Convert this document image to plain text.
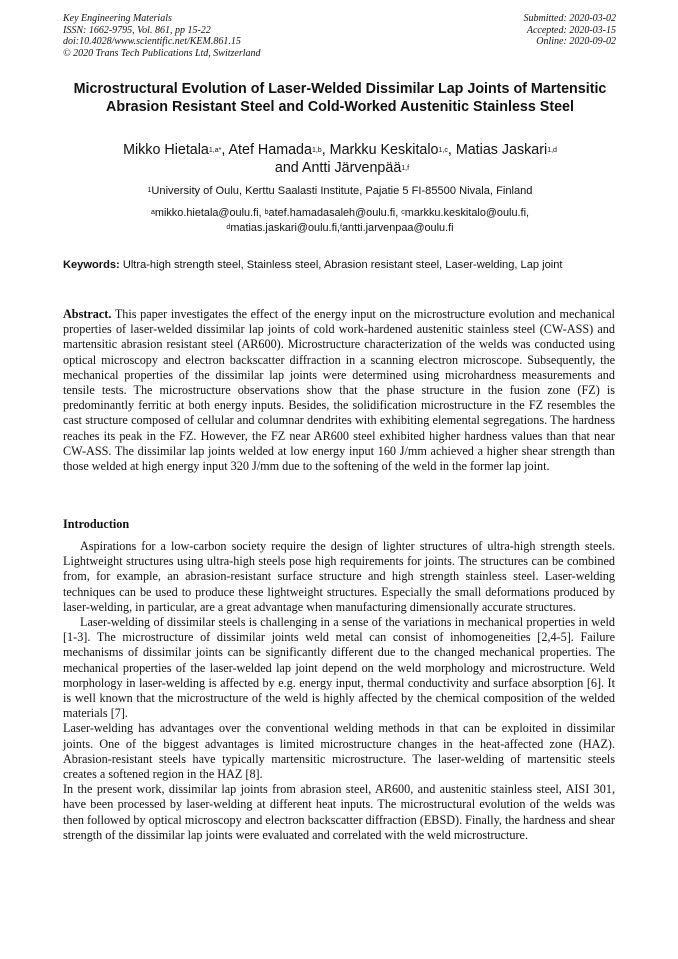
Key Engineering Materials
ISSN: 1662-9795, Vol. 861, pp 15-22
doi:10.4028/www.scientific.net/KEM.861.15
© 2020 Trans Tech Publications Ltd, Switzerland
Submitted: 2020-03-02
Accepted: 2020-03-15
Online: 2020-09-02
Microstructural Evolution of Laser-Welded Dissimilar Lap Joints of Martensitic Abrasion Resistant Steel and Cold-Worked Austenitic Stainless Steel
Mikko Hietala$^{1,a*}$, Atef Hamada$^{1,b}$, Markku Keskitalo$^{1,c}$, Matias Jaskari$^{1,d}$
and Antti Järvenpää$^{1,f}$
$^1$University of Oulu, Kerttu Saalasti Institute, Pajatie 5 FI-85500 Nivala, Finland
$^a$mikko.hietala@oulu.fi, $^b$atef.hamadasaleh@oulu.fi, $^c$markku.keskitalo@oulu.fi,
$^d$matias.jaskari@oulu.fi,$^f$antti.jarvenpaa@oulu.fi
Keywords: Ultra-high strength steel, Stainless steel, Abrasion resistant steel, Laser-welding, Lap joint
Abstract. This paper investigates the effect of the energy input on the microstructure evolution and mechanical properties of laser-welded dissimilar lap joints of cold work-hardened austenitic stainless steel (CW-ASS) and martensitic abrasion resistant steel (AR600). Microstructure characterization of the welds was conducted using optical microscopy and electron backscatter diffraction in a scanning electron microscope. Subsequently, the mechanical properties of the dissimilar lap joints were determined using microhardness measurements and tensile tests. The microstructure observations show that the phase structure in the fusion zone (FZ) is predominantly ferritic at both energy inputs. Besides, the solidification microstructure in the FZ resembles the cast structure composed of cellular and columnar dendrites with exhibiting elemental segregations. The hardness reaches its peak in the FZ. However, the FZ near AR600 steel exhibited higher hardness values than that near CW-ASS. The dissimilar lap joints welded at low energy input 160 J/mm achieved a higher shear strength than those welded at high energy input 320 J/mm due to the softening of the weld in the former lap joint.
Introduction

Aspirations for a low-carbon society require the design of lighter structures of ultra-high strength steels. Lightweight structures using ultra-high steels pose high requirements for joints. The structures can be combined from, for example, an abrasion-resistant surface structure and high strength stainless steel. Laser-welding techniques can be used to produce these lightweight structures. Especially the small deformations produced by laser-welding, in particular, are a great advantage when manufacturing dimensionally accurate structures.

Laser-welding of dissimilar steels is challenging in a sense of the variations in mechanical properties in weld [1-3]. The microstructure of dissimilar joints weld metal can consist of inhomogeneities [2,4-5]. Failure mechanisms of dissimilar joints can be significantly different due to the changed mechanical properties. The mechanical properties of the laser-welded lap joint depend on the weld morphology and microstructure. Weld morphology in laser-welding is affected by e.g. energy input, thermal conductivity and surface absorption [6]. It is well known that the microstructure of the weld is highly affected by the chemical composition of the welded materials [7].

Laser-welding has advantages over the conventional welding methods in that can be exploited in dissimilar joints. One of the biggest advantages is limited microstructure changes in the heat-affected zone (HAZ). Abrasion-resistant steels have typically martensitic microstructure. The laser-welding of martensitic steels creates a softened region in the HAZ [8].

In the present work, dissimilar lap joints from abrasion steel, AR600, and austenitic stainless steel, AISI 301, have been processed by laser-welding at different heat inputs. The microstructural evolution of the welds was then followed by optical microscopy and electron backscatter diffraction (EBSD). Finally, the hardness and shear strength of the dissimilar lap joints were evaluated and correlated with the weld microstructure.
